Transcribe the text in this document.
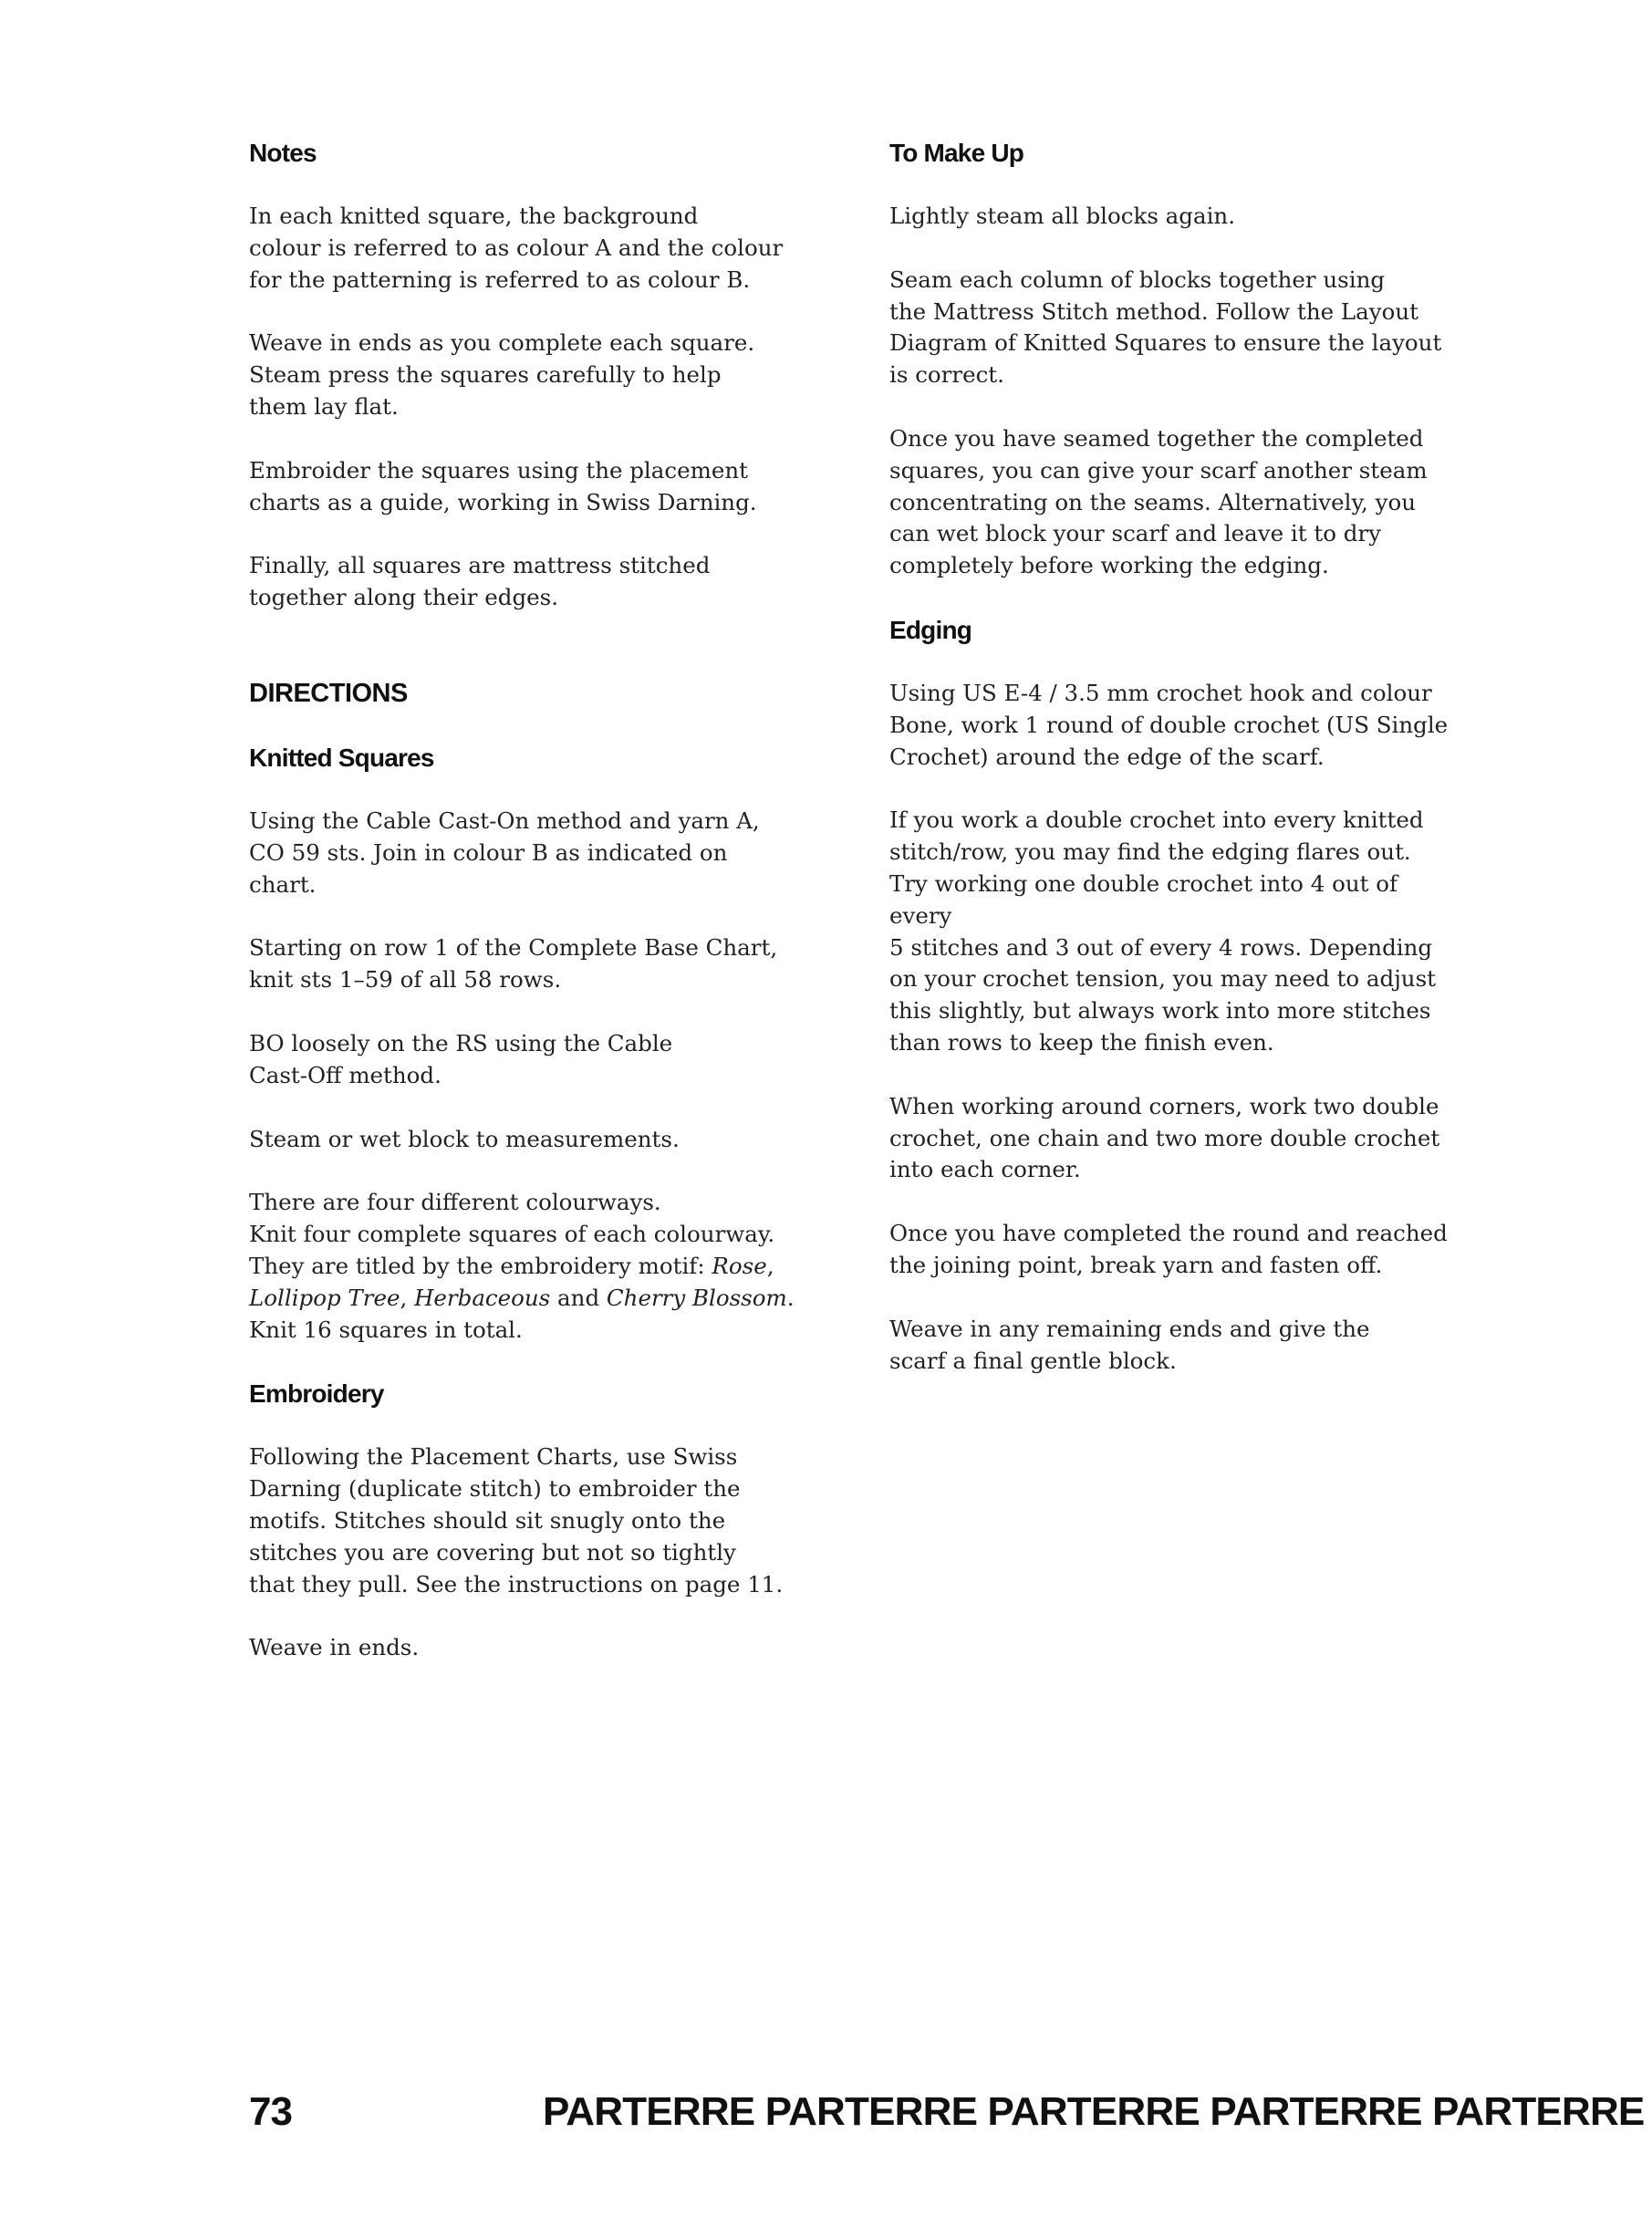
Notes

In each knitted square, the background
colour is referred to as colour A and the colour
for the patterning is referred to as colour B.

Weave in ends as you complete each square.
Steam press the squares carefully to help
them lay flat.

Embroider the squares using the placement
charts as a guide, working in Swiss Darning.

Finally, all squares are mattress stitched
together along their edges.

DIRECTIONS
Knitted Squares

Using the Cable Cast-On method and yarn A,
CO 59 sts. Join in colour B as indicated on chart.

Starting on row 1 of the Complete Base Chart,
knit sts 1–59 of all 58 rows.

BO loosely on the RS using the Cable
Cast-Off method.

Steam or wet block to measurements.

There are four different colourways.
Knit four complete squares of each colourway.
They are titled by the embroidery motif: Rose,
Lollipop Tree, Herbaceous and Cherry Blossom.
Knit 16 squares in total.

Embroidery

Following the Placement Charts, use Swiss
Darning (duplicate stitch) to embroider the
motifs. Stitches should sit snugly onto the
stitches you are covering but not so tightly
that they pull. See the instructions on page 11.

Weave in ends.

To Make Up

Lightly steam all blocks again.

Seam each column of blocks together using
the Mattress Stitch method. Follow the Layout
Diagram of Knitted Squares to ensure the layout
is correct.

Once you have seamed together the completed
squares, you can give your scarf another steam
concentrating on the seams. Alternatively, you
can wet block your scarf and leave it to dry
completely before working the edging.

Edging

Using US E-4 / 3.5 mm crochet hook and colour
Bone, work 1 round of double crochet (US Single
Crochet) around the edge of the scarf.

If you work a double crochet into every knitted
stitch/row, you may find the edging flares out.
Try working one double crochet into 4 out of every
5 stitches and 3 out of every 4 rows. Depending
on your crochet tension, you may need to adjust
this slightly, but always work into more stitches
than rows to keep the finish even.

When working around corners, work two double
crochet, one chain and two more double crochet
into each corner.

Once you have completed the round and reached
the joining point, break yarn and fasten off.

Weave in any remaining ends and give the
scarf a final gentle block.

73	PARTERRE PARTERRE PARTERRE PARTERRE PARTERRE
